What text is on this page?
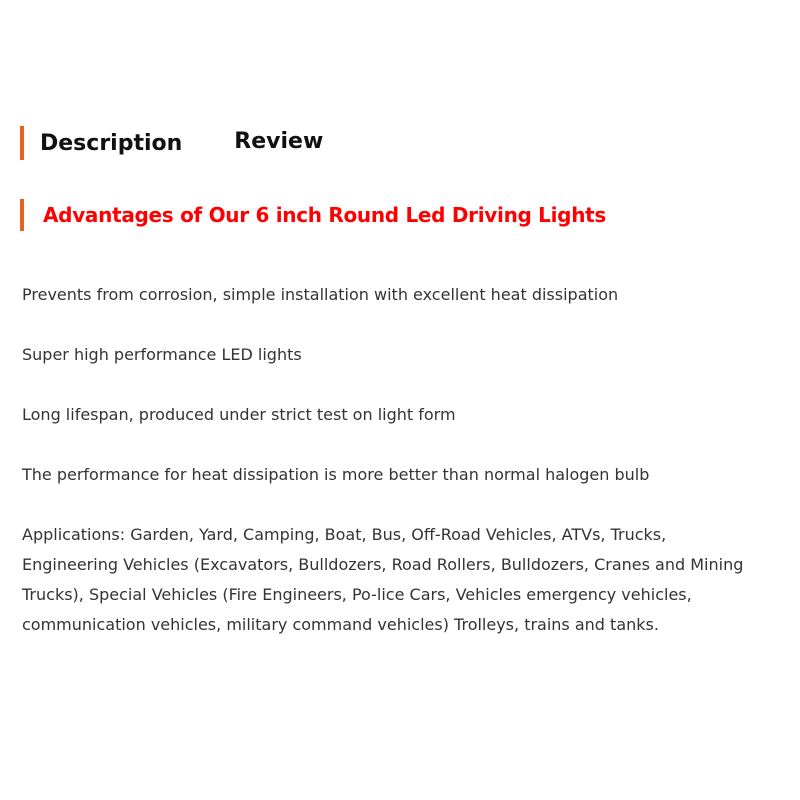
Description Review
Advantages of Our 6 inch Round Led Driving Lights

Prevents from corrosion, simple installation with excellent heat dissipation

Super high performance LED lights

Long lifespan, produced under strict test on light form

The performance for heat dissipation is more better than normal halogen bulb

Applications: Garden, Yard, Camping, Boat, Bus, Off-Road Vehicles, ATVs, Trucks, Engineering Vehicles (Excavators, Bulldozers, Road Rollers, Bulldozers, Cranes and Mining Trucks), Special Vehicles (Fire Engineers, Po-lice Cars, Vehicles emergency vehicles, communication vehicles, military command vehicles) Trolleys, trains and tanks.
